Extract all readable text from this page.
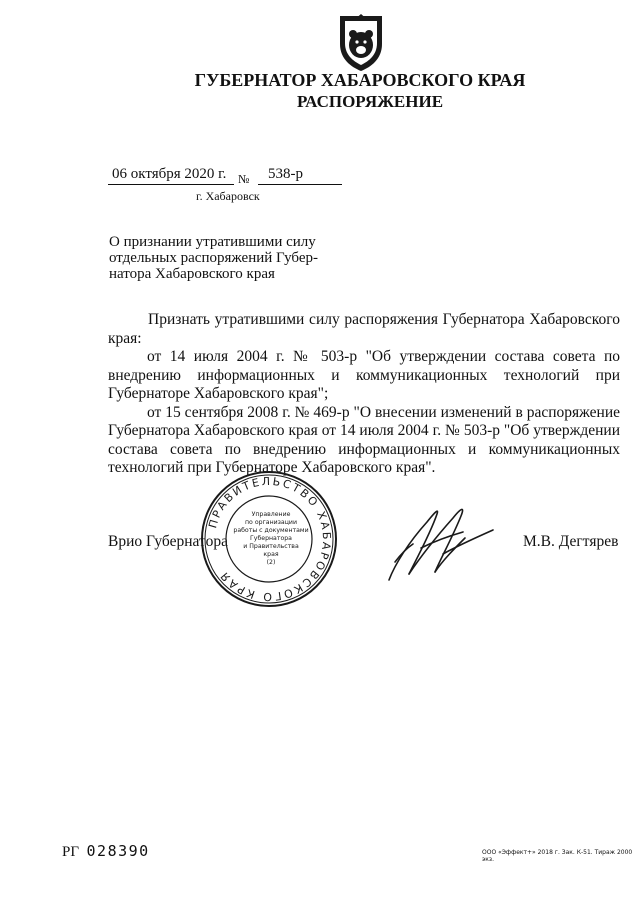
ГУБЕРНАТОР ХАБАРОВСКОГО КРАЯ
РАСПОРЯЖЕНИЕ
06 октября 2020 г. № 538-р
г. Хабаровск
О признании утратившими силу
отдельных распоряжений Губер-
натора Хабаровского края

Признать утратившими силу распоряжения Губернатора Хабаровского края:

от 14 июля 2004 г. № 503-р "Об утверждении состава совета по внедрению информационных и коммуникационных технологий при Губернаторе Хабаровского края";

от 15 сентября 2008 г. № 469-р "О внесении изменений в распоряжение Губернатора Хабаровского края от 14 июля 2004 г. № 503-р "Об утверждении состава совета по внедрению информационных и коммуникационных технологий при Губернаторе Хабаровского края".

Врио Губернатора	М.В. Дегтярев
ПРАВИТЕЛЬСТВО ХАБАРОВСКОГО КРАЯ
Управление
по организации
работы с документами
Губернатора
и Правительства
края
(2)
РГ 028390	ООО «Эффект+» 2018 г. Зак. К-51. Тираж 2000 экз.
